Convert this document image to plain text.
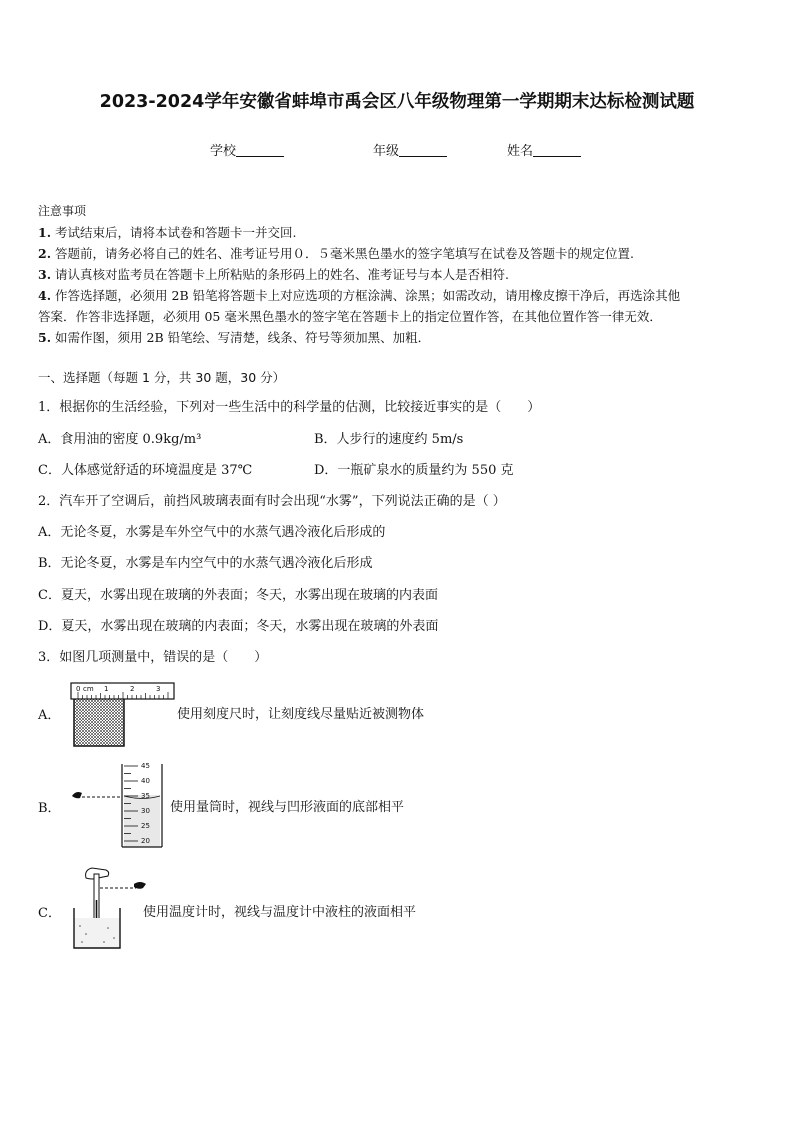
2023-2024学年安徽省蚌埠市禹会区八年级物理第一学期期末达标检测试题
学校	年级	姓名
注意事项
1. 考试结束后，请将本试卷和答题卡一并交回.
2. 答题前，请务必将自己的姓名、准考证号用０．５毫米黑色墨水的签字笔填写在试卷及答题卡的规定位置.
3. 请认真核对监考员在答题卡上所粘贴的条形码上的姓名、准考证号与本人是否相符.
4. 作答选择题，必须用 2B 铅笔将答题卡上对应选项的方框涂满、涂黑；如需改动，请用橡皮擦干净后，再选涂其他
答案．作答非选择题，必须用 05 毫米黑色墨水的签字笔在答题卡上的指定位置作答，在其他位置作答一律无效．
5. 如需作图，须用 2B 铅笔绘、写清楚，线条、符号等须加黑、加粗．
一、选择题（每题 1 分，共 30 题，30 分）
1．根据你的生活经验，下列对一些生活中的科学量的估测，比较接近事实的是（　　）
A．食用油的密度 0.9kg/m³	B．人步行的速度约 5m/s
C．人体感觉舒适的环境温度是 37℃	D．一瓶矿泉水的质量约为 550 克
2．汽车开了空调后，前挡风玻璃表面有时会出现“水雾”，下列说法正确的是（ ）
A．无论冬夏，水雾是车外空气中的水蒸气遇冷液化后形成的
B．无论冬夏，水雾是车内空气中的水蒸气遇冷液化后形成
C．夏天，水雾出现在玻璃的外表面；冬天，水雾出现在玻璃的内表面
D．夏天，水雾出现在玻璃的内表面；冬天，水雾出现在玻璃的外表面
3．如图几项测量中，错误的是（　　）
A．
0 cm 1	2	3
使用刻度尺时，让刻度线尽量贴近被测物体
B．
45
40
35
30
25
20
使用量筒时，视线与凹形液面的底部相平
C．	使用温度计时，视线与温度计中液柱的液面相平
